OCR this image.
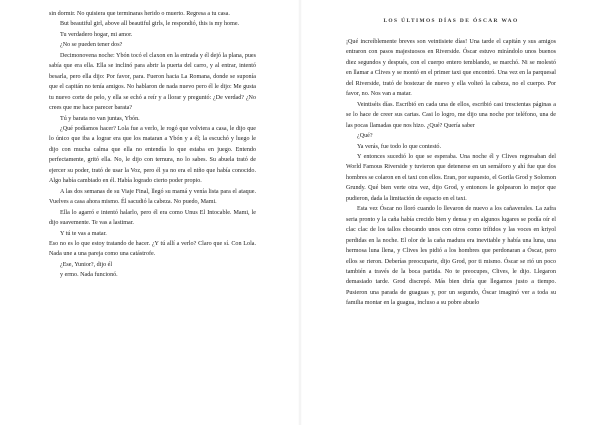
sin dormir. No quisiera que terminaras herido o muerto. Regresa a tu casa.

But beautiful girl, above all beautiful girls, le respondió, this is my home.

Tu verdadero hogar, mi amor.

¿No se pueden tener dos?

Decimonovena noche: Ybón tocó el claxon en la entrada y él dejó la plana, pues sabía que era ella. Ella se inclinó para abrir la puerta del carro, y al entrar, intentó besarla, pero ella dijo: Por favor, para. Fueron hacia La Romana, donde se suponía que el capitán no tenía amigos. No hablaron de nada nuevo pero él le dijo: Me gusta tu nuevo corte de pelo, y ella se echó a reír y a llorar y preguntó: ¿De verdad? ¿No crees que me hace parecer barata?

Tú y barata no van juntas, Ybón.

¿Qué podíamos hacer? Lola fue a verlo, le rogó que volviera a casa, le dijo que lo único que iba a lograr era que los mataran a Ybón y a él; la escuchó y luego le dijo con mucha calma que ella no entendía lo que estaba en juego. Entendo perfectamente, gritó ella. No, le dijo con ternura, no lo sabes. Su abuela trató de ejercer su poder, trató de usar la Voz, pero él ya no era el niño que había conocido. Algo había cambiado en él. Había logrado cierto poder propio.

A las dos semanas de su Viaje Final, llegó su mamá y venía lista para el ataque. Vuelves a casa ahora mismo. Él sacudió la cabeza. No puedo, Mami.

Ella lo agarró e intentó halarlo, pero él era como Unus El Intocable. Mami, le dijo suavemente. Te vas a lastimar.

Y tú te vas a matar.

Eso no es lo que estoy tratando de hacer. ¿Y tú allí a verlo? Claro que sí. Con Lola. Nada une a una pareja como una catástrofe.

¿Ese, Yunior?, dijo él

y ermo. Nada funcionó.

LOS ÚLTIMOS DÍAS DE ÓSCAR WAO

¡Qué increíblemente breves son veintisiete días! Una tarde el capitán y sus amigos entraron con pasos majestuosos en Riverside. Óscar estuvo mirándolo unos buenos diez segundos y después, con el cuerpo entero temblando, se marchó. Ni se molestó en llamar a Clives y se montó en el primer taxi que encontró. Una vez en la parquesal del Riverside, trató de bostezar de nuevo y ella volteó la cabeza, no el cuerpo. Por favor, no. Nos van a matar.

Veintiséis días. Escribió en cada una de ellos, escribió casi trescientas páginas a se lo hace de creer sus cartas. Casi lo logro, me dijo una noche por teléfono, una de las pocas llamadas que nos hizo. ¿Qué? Quería saber

¿Qué?

Ya verás, fue todo lo que contestó.

Y entonces sucedió lo que se esperaba. Una noche él y Clives regresaban del World Famous Riverside y tuvieron que detenerse en un semáforo y ahí fue que dos hombres se colaron en el taxi con ellos. Eran, por supuesto, el Gorila Grod y Solomon Grundy. Qué bien verte otra vez, dijo Grod, y entonces le golpearon lo mejor que pudieron, dada la limitación de espacio en el taxi.

Esta vez Óscar no lloró cuando lo llevaron de nuevo a los cañaverales. La zafra seria pronto y la caña había crecido bien y densa y en algunos lugares se podía oír el clac clac de los tallos chocando unos con otros como trífidos y las voces en kriyol perdidas en la noche. El olor de la caña madura era inevitable y había una luna, una hermosa luna llena, y Clives les pidió a los hombres que perdonaran a Óscar, pero ellos se rieron. Deberías preocuparte, dijo Grod, por ti mismo. Óscar se rió un poco también a través de la boca partida. No te preocupes, Clives, le dijo. Llegaron demasiado tarde. Grod discrepó. Más bien diría que llegamos justo a tiempo. Pusieron una parada de guaguas y, por un segundo, Óscar imaginó ver a toda su familia montar en la guagua, incluso a su pobre abuelo
